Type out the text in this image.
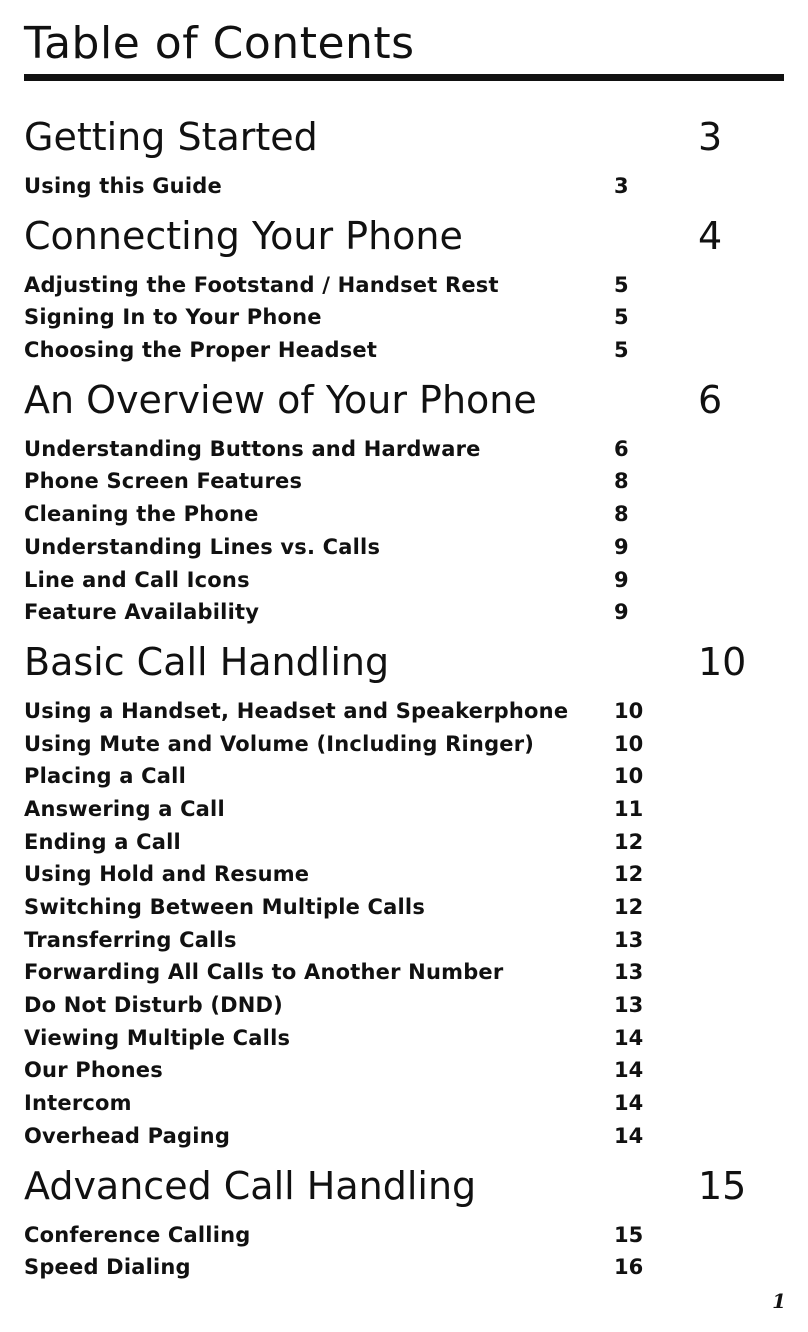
Table of Contents
Getting Started	3
Using this Guide	3
Connecting Your Phone	4
Adjusting the Footstand / Handset Rest	5
Signing In to Your Phone	5
Choosing the Proper Headset	5
An Overview of Your Phone	6
Understanding Buttons and Hardware	6
Phone Screen Features	8
Cleaning the Phone	8
Understanding Lines vs. Calls	9
Line and Call Icons	9
Feature Availability	9
Basic Call Handling	10
Using a Handset, Headset and Speakerphone 10
Using Mute and Volume (Including Ringer)	10
Placing a Call	10
Answering a Call	11
Ending a Call	12
Using Hold and Resume	12
Switching Between Multiple Calls	12
Transferring Calls	13
Forwarding All Calls to Another Number	13
Do Not Disturb (DND)	13
Viewing Multiple Calls	14
Our Phones	14
Intercom	14
Overhead Paging	14
Advanced Call Handling	15
Conference Calling	15
Speed Dialing	16
1
